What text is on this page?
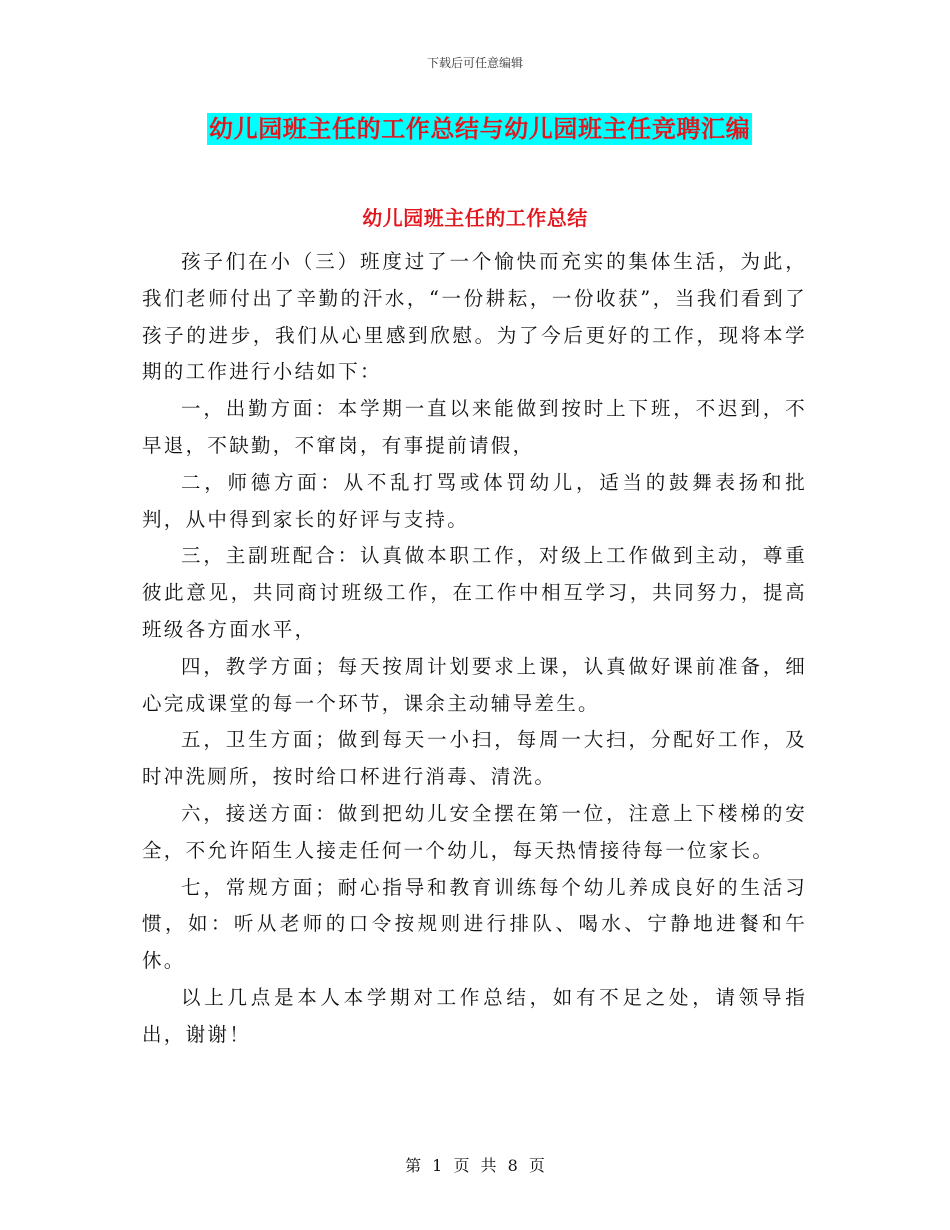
下载后可任意编辑
幼儿园班主任的工作总结与幼儿园班主任竞聘汇编
幼儿园班主任的工作总结

孩子们在小（三）班度过了一个愉快而充实的集体生活，为此，我们老师付出了辛勤的汗水，“一份耕耘，一份收获”，当我们看到了孩子的进步，我们从心里感到欣慰。为了今后更好的工作，现将本学期的工作进行小结如下：

一，出勤方面：本学期一直以来能做到按时上下班，不迟到，不早退，不缺勤，不窜岗，有事提前请假，

二，师德方面：从不乱打骂或体罚幼儿，适当的鼓舞表扬和批判，从中得到家长的好评与支持。

三，主副班配合：认真做本职工作，对级上工作做到主动，尊重彼此意见，共同商讨班级工作，在工作中相互学习，共同努力，提高班级各方面水平，

四，教学方面；每天按周计划要求上课，认真做好课前准备，细心完成课堂的每一个环节，课余主动辅导差生。

五，卫生方面；做到每天一小扫，每周一大扫，分配好工作，及时冲洗厕所，按时给口杯进行消毒、清洗。

六，接送方面：做到把幼儿安全摆在第一位，注意上下楼梯的安全，不允许陌生人接走任何一个幼儿，每天热情接待每一位家长。

七，常规方面；耐心指导和教育训练每个幼儿养成良好的生活习惯，如：听从老师的口令按规则进行排队、喝水、宁静地进餐和午休。

以上几点是本人本学期对工作总结，如有不足之处，请领导指出，谢谢！

第 1 页 共 8 页
